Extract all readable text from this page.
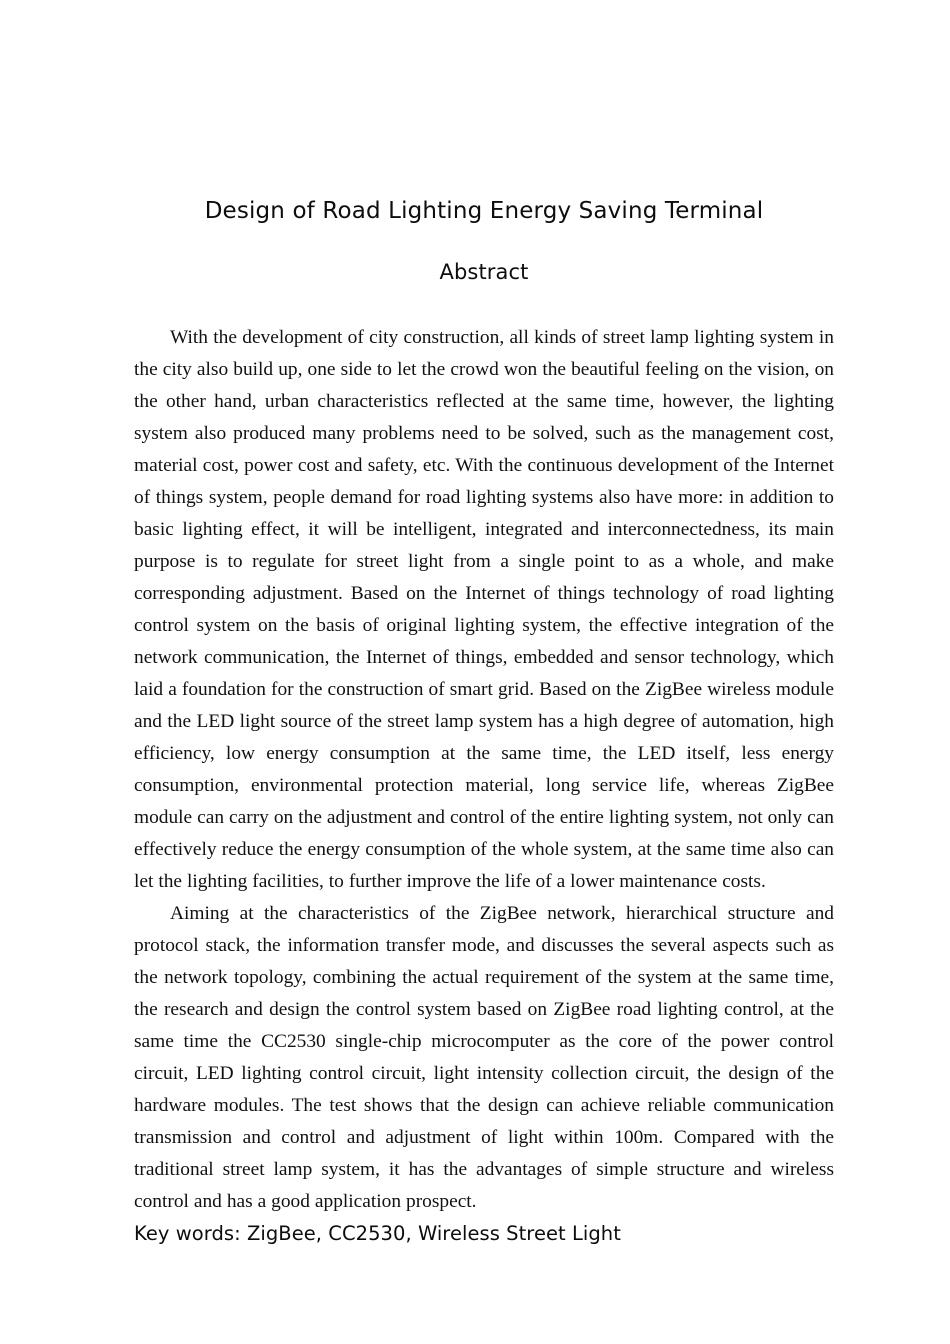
Design of Road Lighting Energy Saving Terminal
Abstract

With the development of city construction, all kinds of street lamp lighting system in the city also build up, one side to let the crowd won the beautiful feeling on the vision, on the other hand, urban characteristics reflected at the same time, however, the lighting system also produced many problems need to be solved, such as the management cost, material cost, power cost and safety, etc. With the continuous development of the Internet of things system, people demand for road lighting systems also have more: in addition to basic lighting effect, it will be intelligent, integrated and interconnectedness, its main purpose is to regulate for street light from a single point to as a whole, and make corresponding adjustment. Based on the Internet of things technology of road lighting control system on the basis of original lighting system, the effective integration of the network communication, the Internet of things, embedded and sensor technology, which laid a foundation for the construction of smart grid. Based on the ZigBee wireless module and the LED light source of the street lamp system has a high degree of automation, high efficiency, low energy consumption at the same time, the LED itself, less energy consumption, environmental protection material, long service life, whereas ZigBee module can carry on the adjustment and control of the entire lighting system, not only can effectively reduce the energy consumption of the whole system, at the same time also can let the lighting facilities, to further improve the life of a lower maintenance costs.

Aiming at the characteristics of the ZigBee network, hierarchical structure and protocol stack, the information transfer mode, and discusses the several aspects such as the network topology, combining the actual requirement of the system at the same time, the research and design the control system based on ZigBee road lighting control, at the same time the CC2530 single-chip microcomputer as the core of the power control circuit, LED lighting control circuit, light intensity collection circuit, the design of the hardware modules. The test shows that the design can achieve reliable communication transmission and control and adjustment of light within 100m. Compared with the traditional street lamp system, it has the advantages of simple structure and wireless control and has a good application prospect.

Key words: ZigBee, CC2530, Wireless Street Light
